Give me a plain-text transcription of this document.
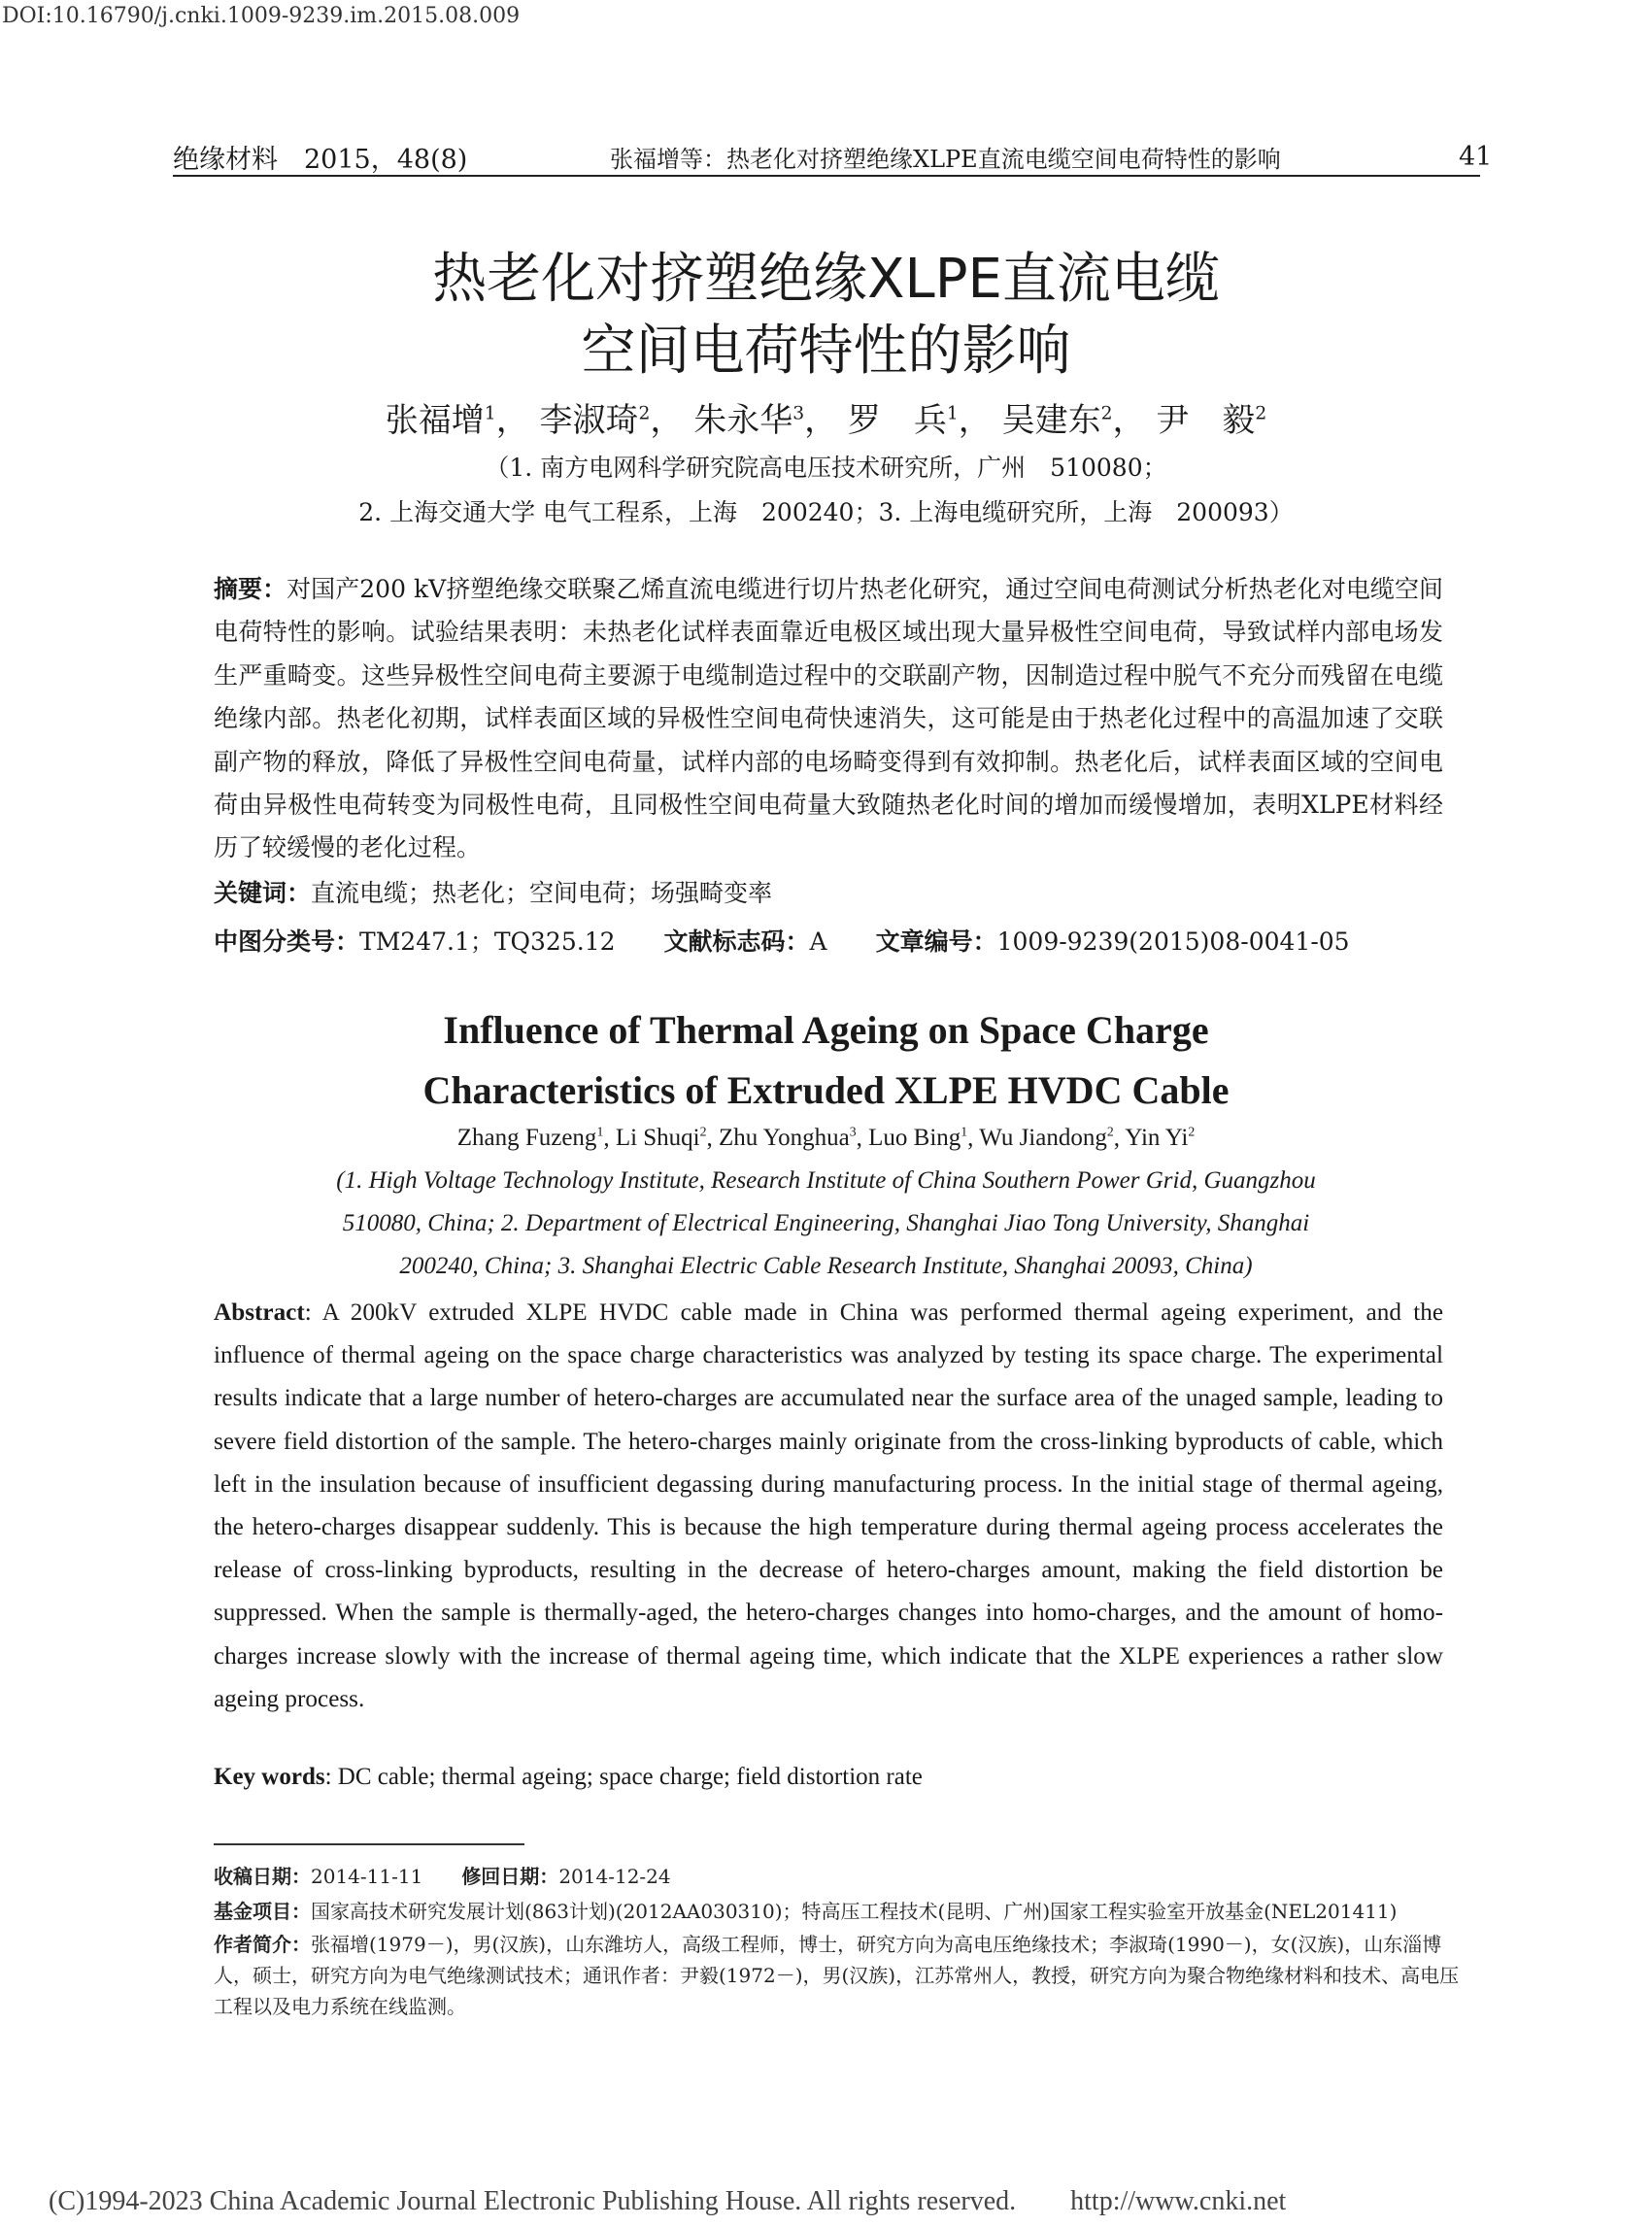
DOI:10.16790/j.cnki.1009-9239.im.2015.08.009
绝缘材料　2015，48(8)	张福增等：热老化对挤塑绝缘XLPE直流电缆空间电荷特性的影响	41
热老化对挤塑绝缘XLPE直流电缆
空间电荷特性的影响
张福增$^1$， 李淑琦$^2$， 朱永华$^3$， 罗　兵$^1$， 吴建东$^2$， 尹　毅$^2$
（1. 南方电网科学研究院高电压技术研究所，广州　510080；
2. 上海交通大学 电气工程系，上海　200240；3. 上海电缆研究所，上海　200093）
摘要：对国产200 kV挤塑绝缘交联聚乙烯直流电缆进行切片热老化研究，通过空间电荷测试分析热老化对电缆空间电荷特性的影响。试验结果表明：未热老化试样表面靠近电极区域出现大量异极性空间电荷，导致试样内部电场发生严重畸变。这些异极性空间电荷主要源于电缆制造过程中的交联副产物，因制造过程中脱气不充分而残留在电缆绝缘内部。热老化初期，试样表面区域的异极性空间电荷快速消失，这可能是由于热老化过程中的高温加速了交联副产物的释放，降低了异极性空间电荷量，试样内部的电场畸变得到有效抑制。热老化后，试样表面区域的空间电荷由异极性电荷转变为同极性电荷，且同极性空间电荷量大致随热老化时间的增加而缓慢增加，表明XLPE材料经历了较缓慢的老化过程。
关键词：直流电缆；热老化；空间电荷；场强畸变率
中图分类号：TM247.1；TQ325.12 文献标志码：A 文章编号：1009-9239(2015)08-0041-05
Influence of Thermal Ageing on Space Charge
Characteristics of Extruded XLPE HVDC Cable
Zhang Fuzeng$^1$, Li Shuqi$^2$, Zhu Yonghua$^3$, Luo Bing$^1$, Wu Jiandong$^2$, Yin Yi$^2$
(1. High Voltage Technology Institute, Research Institute of China Southern Power Grid, Guangzhou
510080, China; 2. Department of Electrical Engineering, Shanghai Jiao Tong University, Shanghai
200240, China; 3. Shanghai Electric Cable Research Institute, Shanghai 20093, China)
Abstract: A 200kV extruded XLPE HVDC cable made in China was performed thermal ageing experiment, and the influence of thermal ageing on the space charge characteristics was analyzed by testing its space charge. The experimental results indicate that a large number of hetero-charges are accumulated near the surface area of the unaged sample, leading to severe field distortion of the sample. The hetero-charges mainly originate from the cross-linking byproducts of cable, which left in the insulation because of insufficient degassing during manufacturing process. In the initial stage of thermal ageing, the hetero-charges disappear suddenly. This is because the high temperature during thermal ageing process accelerates the release of cross-linking byproducts, resulting in the decrease of hetero-charges amount, making the field distortion be suppressed. When the sample is thermally-aged, the hetero-charges changes into homo-charges, and the amount of homo-charges increase slowly with the increase of thermal ageing time, which indicate that the XLPE experiences a rather slow ageing process.
Key words: DC cable; thermal ageing; space charge; field distortion rate
收稿日期：2014-11-11 修回日期：2014-12-24
基金项目：国家高技术研究发展计划(863计划)(2012AA030310)；特高压工程技术(昆明、广州)国家工程实验室开放基金(NEL201411)
作者简介：张福增(1979－)，男(汉族)，山东潍坊人，高级工程师，博士，研究方向为高电压绝缘技术；李淑琦(1990－)，女(汉族)，山东淄博人，硕士，研究方向为电气绝缘测试技术；通讯作者：尹毅(1972－)，男(汉族)，江苏常州人，教授，研究方向为聚合物绝缘材料和技术、高电压工程以及电力系统在线监测。
(C)1994-2023 China Academic Journal Electronic Publishing House. All rights reserved.　　http://www.cnki.net
